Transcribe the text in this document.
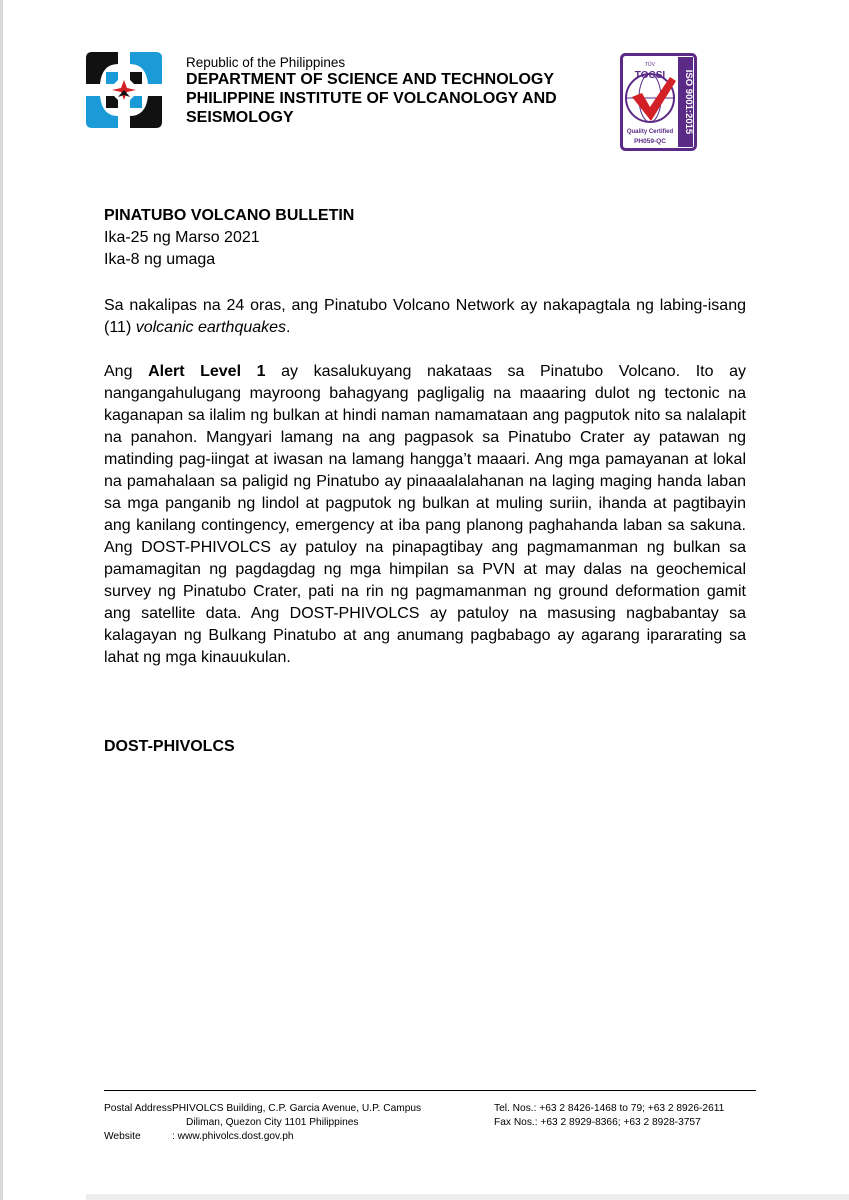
Republic of the Philippines

DEPARTMENT OF SCIENCE AND TECHNOLOGY

PHILIPPINE INSTITUTE OF VOLCANOLOGY AND

SEISMOLOGY	ISO 9001:2015
TÜV
TOCSI
Quality Certified
PH059-QC

PINATUBO VOLCANO BULLETIN

Ika-25 ng Marso 2021

Ika-8 ng umaga

Sa nakalipas na 24 oras, ang Pinatubo Volcano Network ay nakapagtala ng labing-isang (11) volcanic earthquakes.

Ang Alert Level 1 ay kasalukuyang nakataas sa Pinatubo Volcano. Ito ay nangangahulugang mayroong bahagyang pagligalig na maaaring dulot ng tectonic na kaganapan sa ilalim ng bulkan at hindi naman namamataan ang pagputok nito sa nalalapit na panahon. Mangyari lamang na ang pagpasok sa Pinatubo Crater ay patawan ng matinding pag-iingat at iwasan na lamang hangga’t maaari. Ang mga pamayanan at lokal na pamahalaan sa paligid ng Pinatubo ay pinaaalalahanan na laging maging handa laban sa mga panganib ng lindol at pagputok ng bulkan at muling suriin, ihanda at pagtibayin ang kanilang contingency, emergency at iba pang planong paghahanda laban sa sakuna. Ang DOST-PHIVOLCS ay patuloy na pinapagtibay ang pagmamanman ng bulkan sa pamamagitan ng pagdagdag ng mga himpilan sa PVN at may dalas na geochemical survey ng Pinatubo Crater, pati na rin ng pagmamanman ng ground deformation gamit ang satellite data. Ang DOST-PHIVOLCS ay patuloy na masusing nagbabantay sa kalagayan ng Bulkang Pinatubo at ang anumang pagbabago ay agarang ipararating sa lahat ng mga kinauukulan.

DOST-PHIVOLCS

Postal Address:
PHIVOLCS Building, C.P. Garcia Avenue, U.P. Campus	Tel. Nos.: +63 2 8426-1468 to 79; +63 2 8926-2611
Diliman, Quezon City 1101 Philippines	Fax Nos.: +63 2 8929-8366; +63 2 8928-3757
Website	: www.phivolcs.dost.gov.ph
